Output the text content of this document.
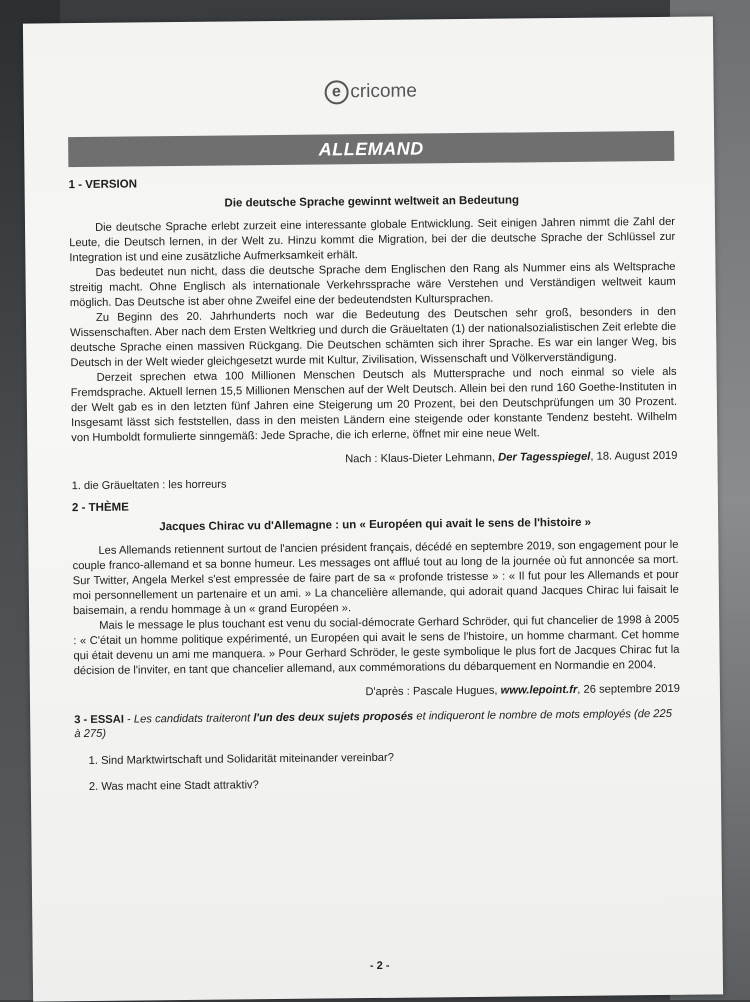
e cricome
ALLEMAND
1 - VERSION
Die deutsche Sprache gewinnt weltweit an Bedeutung

Die deutsche Sprache erlebt zurzeit eine interessante globale Entwicklung. Seit einigen Jahren nimmt die Zahl der Leute, die Deutsch lernen, in der Welt zu. Hinzu kommt die Migration, bei der die deutsche Sprache der Schlüssel zur Integration ist und eine zusätzliche Aufmerksamkeit erhält.

Das bedeutet nun nicht, dass die deutsche Sprache dem Englischen den Rang als Nummer eins als Weltsprache streitig macht. Ohne Englisch als internationale Verkehrssprache wäre Verstehen und Verständigen weltweit kaum möglich. Das Deutsche ist aber ohne Zweifel eine der bedeutendsten Kultursprachen.

Zu Beginn des 20. Jahrhunderts noch war die Bedeutung des Deutschen sehr groß, besonders in den Wissenschaften. Aber nach dem Ersten Weltkrieg und durch die Gräueltaten (1) der nationalsozialistischen Zeit erlebte die deutsche Sprache einen massiven Rückgang. Die Deutschen schämten sich ihrer Sprache. Es war ein langer Weg, bis Deutsch in der Welt wieder gleichgesetzt wurde mit Kultur, Zivilisation, Wissenschaft und Völkerverständigung.

Derzeit sprechen etwa 100 Millionen Menschen Deutsch als Muttersprache und noch einmal so viele als Fremdsprache. Aktuell lernen 15,5 Millionen Menschen auf der Welt Deutsch. Allein bei den rund 160 Goethe-Instituten in der Welt gab es in den letzten fünf Jahren eine Steigerung um 20 Prozent, bei den Deutschprüfungen um 30 Prozent. Insgesamt lässt sich feststellen, dass in den meisten Ländern eine steigende oder konstante Tendenz besteht. Wilhelm von Humboldt formulierte sinngemäß: Jede Sprache, die ich erlerne, öffnet mir eine neue Welt.

Nach : Klaus-Dieter Lehmann, Der Tagesspiegel, 18. August 2019
1. die Gräueltaten : les horreurs
2 - THÈME
Jacques Chirac vu d'Allemagne : un « Européen qui avait le sens de l'histoire »

Les Allemands retiennent surtout de l'ancien président français, décédé en septembre 2019, son engagement pour le couple franco-allemand et sa bonne humeur. Les messages ont afflué tout au long de la journée où fut annoncée sa mort. Sur Twitter, Angela Merkel s'est empressée de faire part de sa « profonde tristesse » : « Il fut pour les Allemands et pour moi personnellement un partenaire et un ami. » La chancelière allemande, qui adorait quand Jacques Chirac lui faisait le baisemain, a rendu hommage à un « grand Européen ».

Mais le message le plus touchant est venu du social-démocrate Gerhard Schröder, qui fut chancelier de 1998 à 2005 : « C'était un homme politique expérimenté, un Européen qui avait le sens de l'histoire, un homme charmant. Cet homme qui était devenu un ami me manquera. » Pour Gerhard Schröder, le geste symbolique le plus fort de Jacques Chirac fut la décision de l'inviter, en tant que chancelier allemand, aux commémorations du débarquement en Normandie en 2004.

D'après : Pascale Hugues, www.lepoint.fr, 26 septembre 2019
3 - ESSAI - Les candidats traiteront l'un des deux sujets proposés et indiqueront le nombre de mots employés (de 225 à 275)
1. Sind Marktwirtschaft und Solidarität miteinander vereinbar?
2. Was macht eine Stadt attraktiv?
- 2 -
